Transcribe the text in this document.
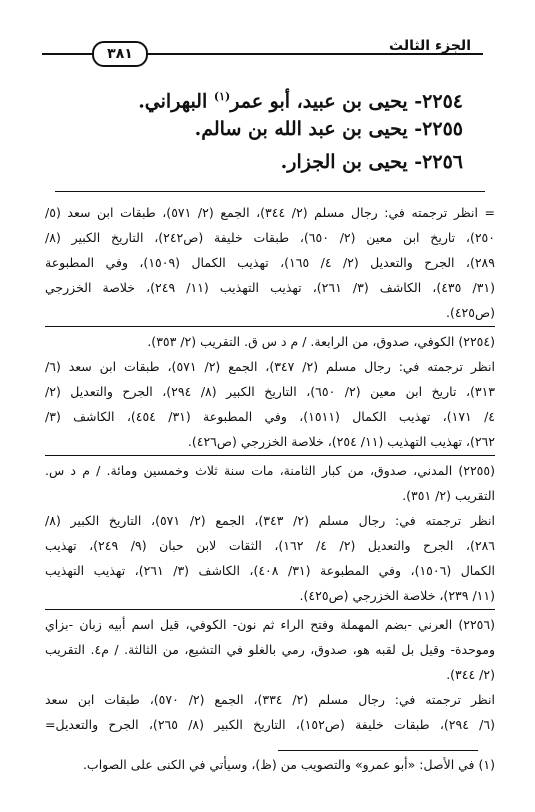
الجزء الثالث
٣٨١
٢٢٥٤- يحيى بن عبيد، أبو عمر$^{(١)}$ البهراني.
٢٢٥٥- يحيى بن عبد الله بن سالم.
٢٢٥٦- يحيى بن الجزار.
= انظر ترجمته في: رجال مسلم (٢/ ٣٤٤)، الجمع (٢/ ٥٧١)، طبقات ابن سعد (٥/
٢٥٠)، تاريخ ابن معين (٢/ ٦٥٠)، طبقات خليفة (ص٢٤٢)، التاريخ الكبير (٨/
٢٨٩)، الجرح والتعديل (٢/ ٤/ ١٦٥)، تهذيب الكمال (١٥٠٩)، وفي المطبوعة
(٣١/ ٤٣٥)، الكاشف (٣/ ٢٦١)، تهذيب التهذيب (١١/ ٢٤٩)، خلاصة الخزرجي
(ص٤٢٥).
(٢٢٥٤) الكوفي، صدوق، من الرابعة. / م د س ق. التقريب (٢/ ٣٥٣).
انظر ترجمته في: رجال مسلم (٢/ ٣٤٧)، الجمع (٢/ ٥٧١)، طبقات ابن سعد (٦/
٣١٣)، تاريخ ابن معين (٢/ ٦٥٠)، التاريخ الكبير (٨/ ٢٩٤)، الجرح والتعديل (٢/
٤/ ١٧١)، تهذيب الكمال (١٥١١)، وفي المطبوعة (٣١/ ٤٥٤)، الكاشف (٣/
٢٦٢)، تهذيب التهذيب (١١/ ٢٥٤)، خلاصة الخزرجي (ص٤٢٦).
(٢٢٥٥) المدني، صدوق، من كبار الثامنة، مات سنة ثلاث وخمسين ومائة. / م د س.
التقريب (٢/ ٣٥١).
انظر ترجمته في: رجال مسلم (٢/ ٣٤٣)، الجمع (٢/ ٥٧١)، التاريخ الكبير (٨/
٢٨٦)، الجرح والتعديل (٢/ ٤/ ١٦٢)، الثقات لابن حبان (٩/ ٢٤٩)، تهذيب
الكمال (١٥٠٦)، وفي المطبوعة (٣١/ ٤٠٨)، الكاشف (٣/ ٢٦١)، تهذيب التهذيب
(١١/ ٢٣٩)، خلاصة الخزرجي (ص٤٢٥).
(٢٢٥٦) العرني -بضم المهملة وفتح الراء ثم نون- الكوفي، قيل اسم أبيه زبان -بزاي
وموحدة- وقيل بل لقبه هو، صدوق، رمي بالغلو في التشيع، من الثالثة. / م٤. التقريب
(٢/ ٣٤٤).
انظر ترجمته في: رجال مسلم (٢/ ٣٣٤)، الجمع (٢/ ٥٧٠)، طبقات ابن سعد
(٦/ ٢٩٤)، طبقات خليفة (ص١٥٢)، التاريخ الكبير (٨/ ٢٦٥)، الجرح والتعديل=
(١) في الأصل: «أبو عمرو» والتصويب من (ظ)، وسيأتي في الكنى على الصواب.
